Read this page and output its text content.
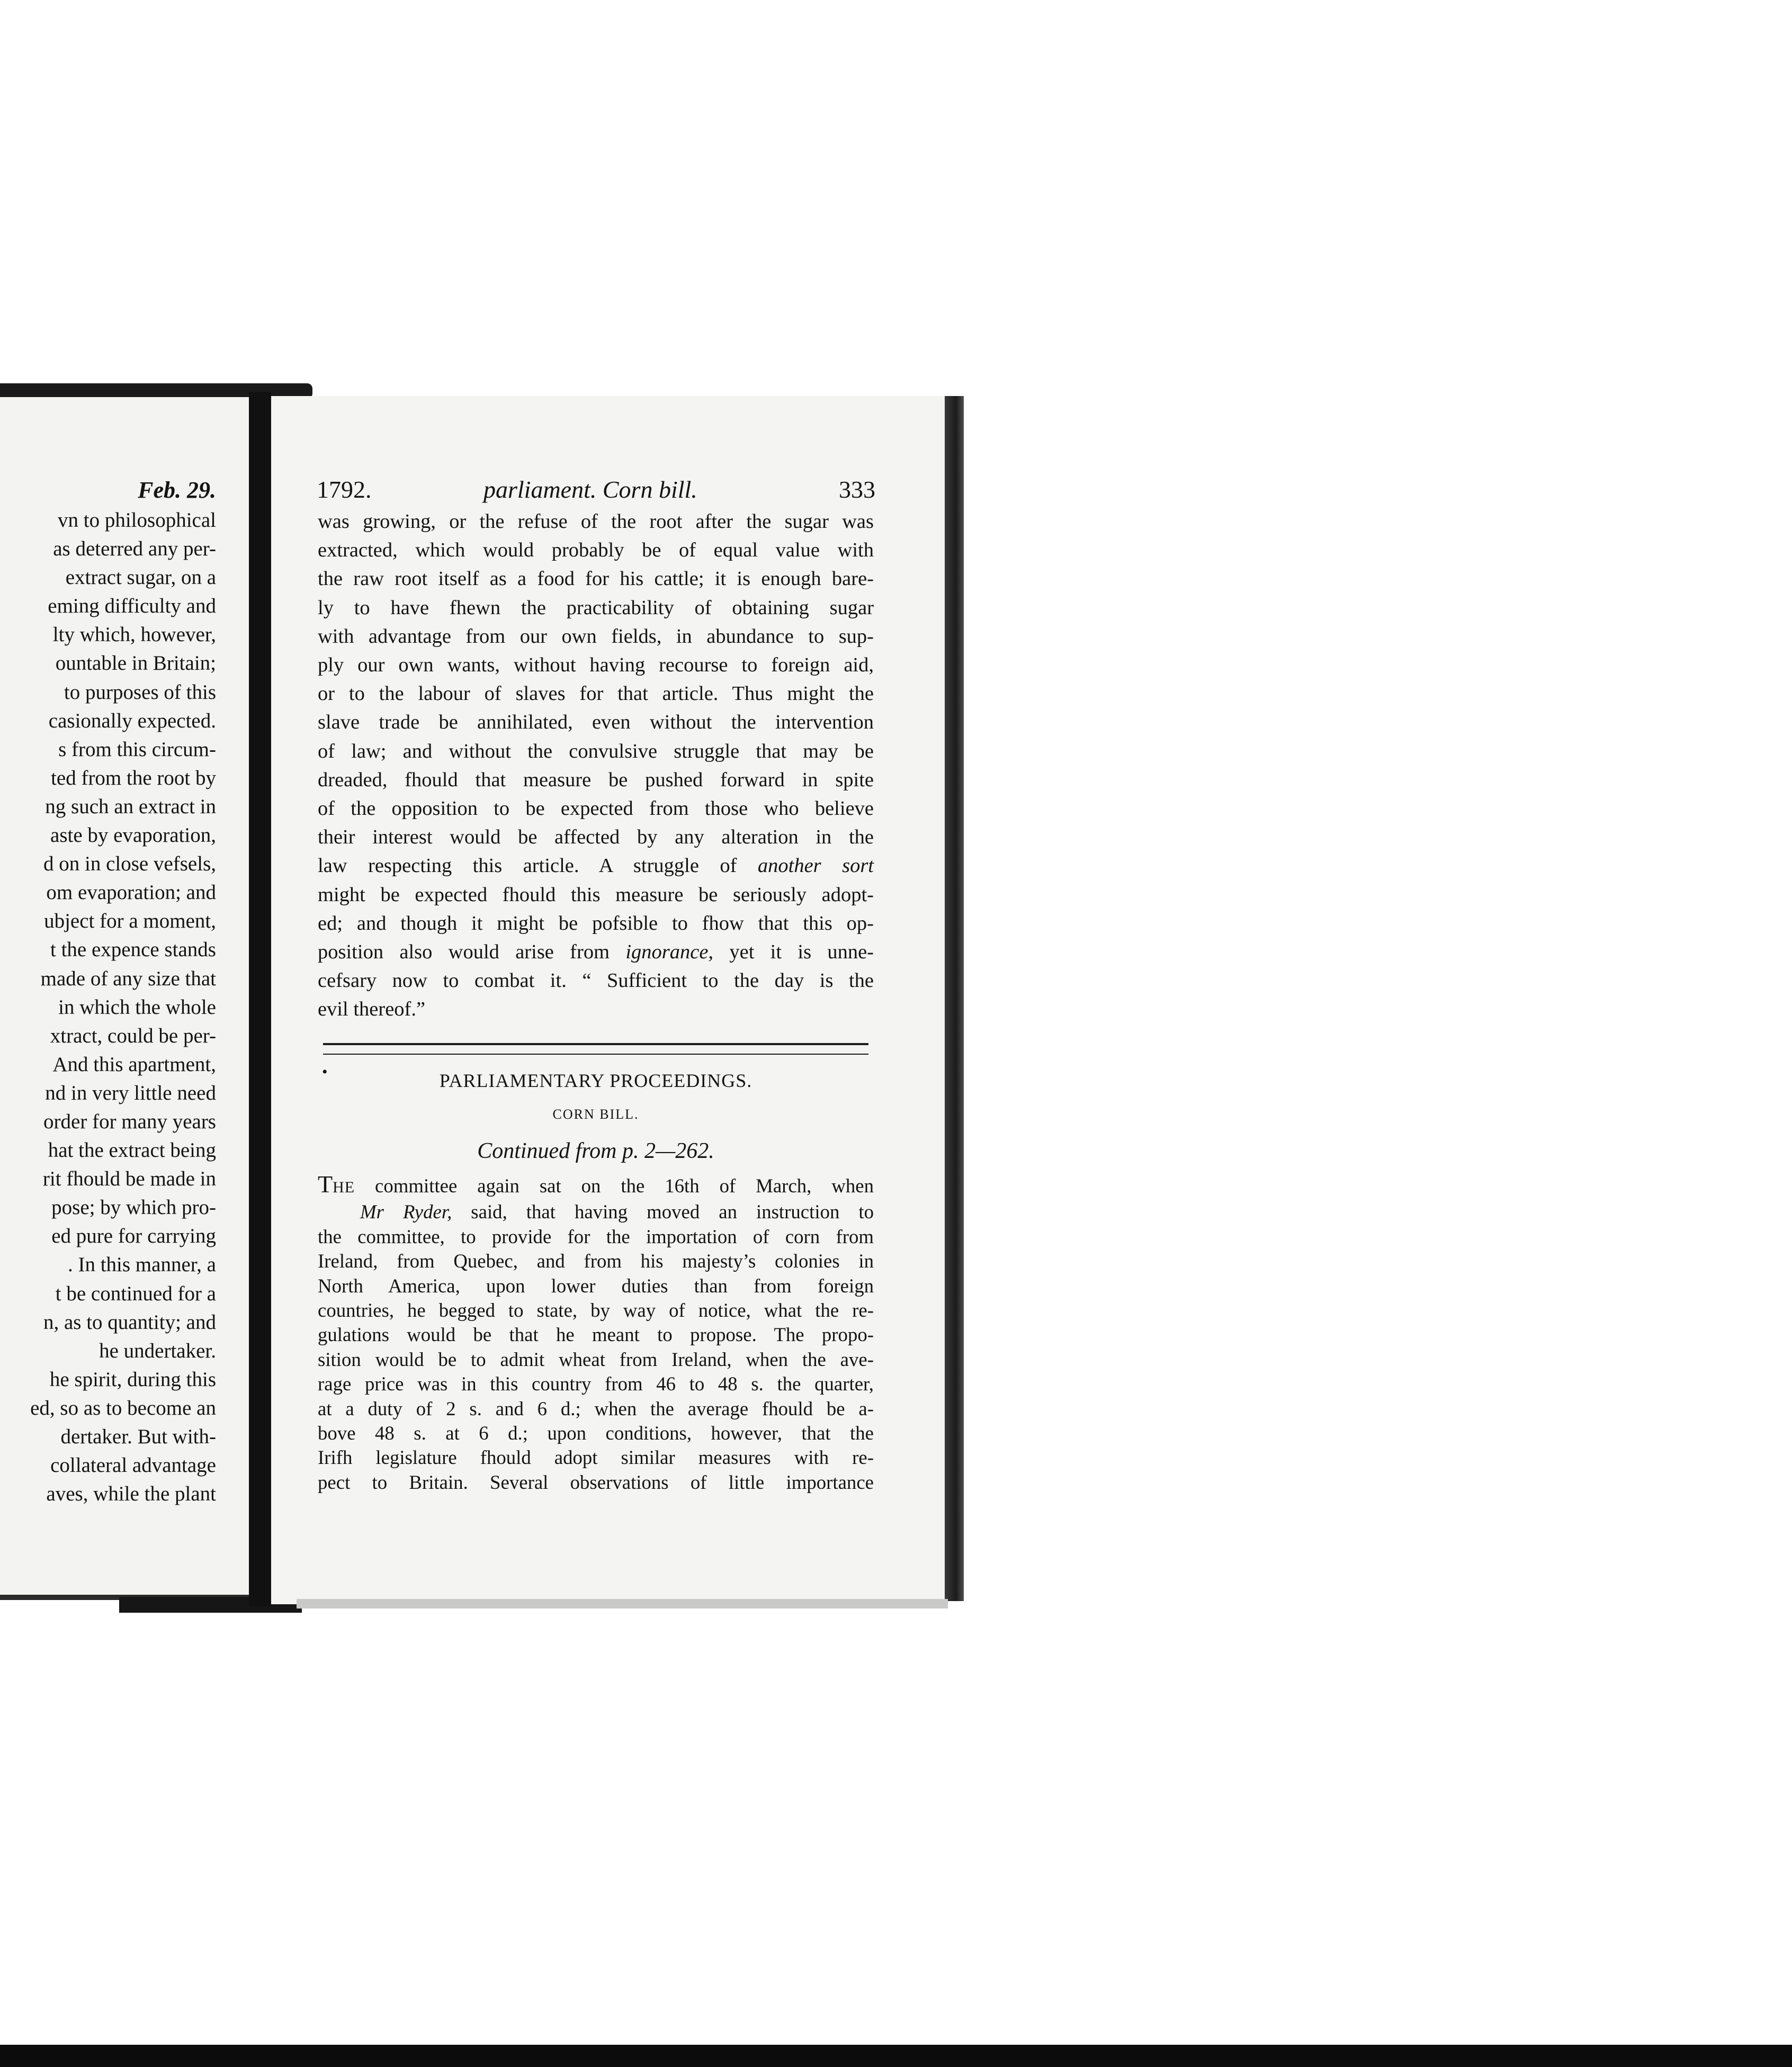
Feb. 29.
vn to philosophical
as deterred any per-
extract sugar, on a
eming difficulty and
lty which, however,
ountable in Britain;
to purposes of this
casionally expected.
s from this circum-
ted from the root by
ng such an extract in
aste by evaporation,
d on in close vefsels,
om evaporation; and
ubject for a moment,
t the expence stands
made of any size that
in which the whole
xtract, could be per-
And this apartment,
nd in very little need
order for many years
hat the extract being
rit fhould be made in
pose; by which pro-
ed pure for carrying
. In this manner, a
t be continued for a
n, as to quantity; and
he undertaker.
he spirit, during this
ed, so as to become an
dertaker. But with-
collateral advantage
aves, while the plant
1792.	parliament. Corn bill.	333
was growing, or the refuse of the root after the sugar was
extracted, which would probably be of equal value with
the raw root itself as a food for his cattle; it is enough bare-
ly to have fhewn the practicability of obtaining sugar
with advantage from our own fields, in abundance to sup-
ply our own wants, without having recourse to foreign aid,
or to the labour of slaves for that article. Thus might the
slave trade be annihilated, even without the intervention
of law; and without the convulsive struggle that may be
dreaded, fhould that measure be pushed forward in spite
of the opposition to be expected from those who believe
their interest would be affected by any alteration in the
law respecting this article. A struggle of another sort
might be expected fhould this measure be seriously adopt-
ed; and though it might be pofsible to fhow that this op-
position also would arise from ignorance, yet it is unne-
cefsary now to combat it. “ Sufficient to the day is the
evil thereof.”
•	PARLIAMENTARY PROCEEDINGS.
CORN BILL.
Continued from p. 2—262.
THE committee again sat on the 16th of March, when
Mr Ryder, said, that having moved an instruction to
the committee, to provide for the importation of corn from
Ireland, from Quebec, and from his majesty’s colonies in
North America, upon lower duties than from foreign
countries, he begged to state, by way of notice, what the re-
gulations would be that he meant to propose. The propo-
sition would be to admit wheat from Ireland, when the ave-
rage price was in this country from 46 to 48 s. the quarter,
at a duty of 2 s. and 6 d.; when the average fhould be a-
bove 48 s. at 6 d.; upon conditions, however, that the
Irifh legislature fhould adopt similar measures with re-
pect to Britain. Several observations of little importance
